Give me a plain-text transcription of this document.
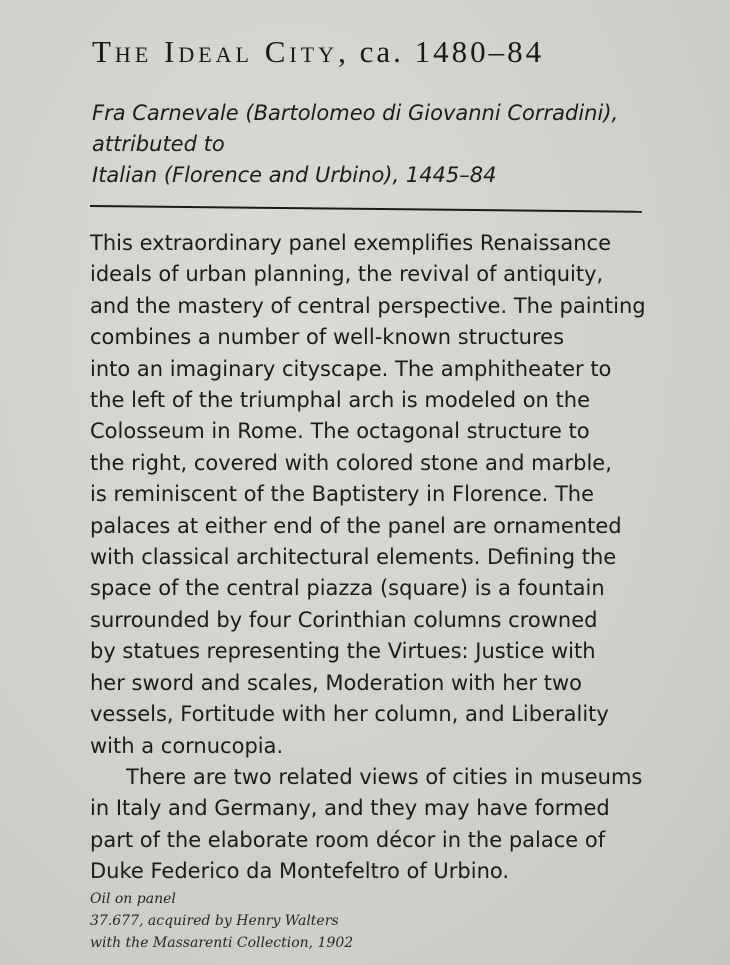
The Ideal City, ca. 1480–84
Fra Carnevale (Bartolomeo di Giovanni Corradini),
attributed to
Italian (Florence and Urbino), 1445–84
This extraordinary panel exemplifies Renaissance
ideals of urban planning, the revival of antiquity,
and the mastery of central perspective. The painting
combines a number of well-known structures
into an imaginary cityscape. The amphitheater to
the left of the triumphal arch is modeled on the
Colosseum in Rome. The octagonal structure to
the right, covered with colored stone and marble,
is reminiscent of the Baptistery in Florence. The
palaces at either end of the panel are ornamented
with classical architectural elements. Defining the
space of the central piazza (square) is a fountain
surrounded by four Corinthian columns crowned
by statues representing the Virtues: Justice with
her sword and scales, Moderation with her two
vessels, Fortitude with her column, and Liberality
with a cornucopia.
There are two related views of cities in museums
in Italy and Germany, and they may have formed
part of the elaborate room décor in the palace of
Duke Federico da Montefeltro of Urbino.
Oil on panel
37.677, acquired by Henry Walters
with the Massarenti Collection, 1902
